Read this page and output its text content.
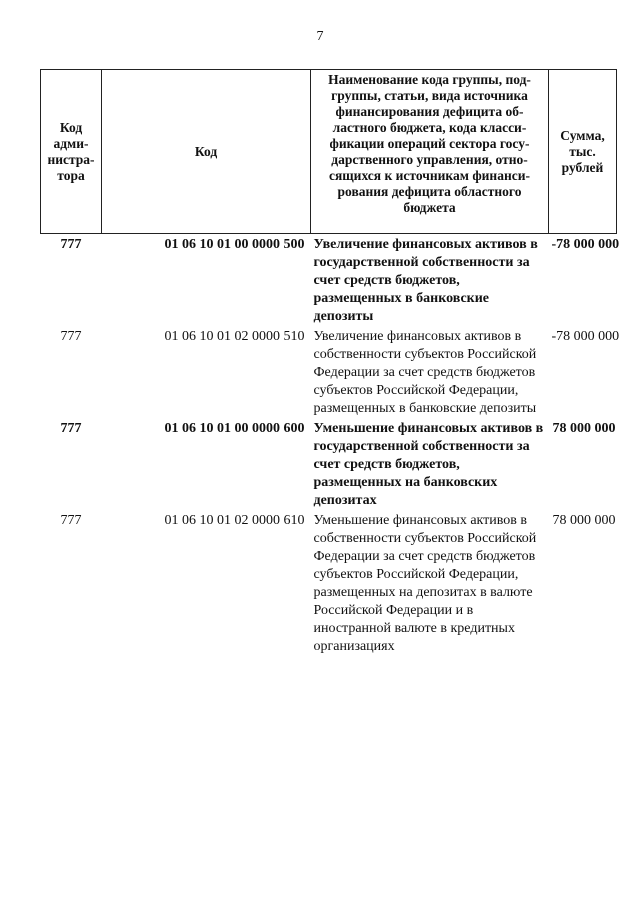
7
Код адми-нистра-тора	Код	Наименование кода группы, под-группы, статьи, вида источника финансирования дефицита об-ластного бюджета, кода класси-фикации операций сектора госу-дарственного управления, отно-сящихся к источникам финанси-рования дефицита областного бюджета	Сумма, тыс. рублей
777	01 06 10 01 00 0000 500	Увеличение финансовых активов в государственной собственности за счет средств бюджетов, размещенных в банковские депозиты	-78 000 000
777	01 06 10 01 02 0000 510	Увеличение финансовых активов в собственности субъектов Российской Федерации за счет средств бюджетов субъектов Российской Федерации, размещенных в банковские депозиты	-78 000 000
777	01 06 10 01 00 0000 600	Уменьшение финансовых активов в государственной собственности за счет средств бюджетов, размещенных на банковских депозитах	78 000 000
777	01 06 10 01 02 0000 610	Уменьшение финансовых активов в собственности субъектов Российской Федерации за счет средств бюджетов субъектов Российской Федерации, размещенных на депозитах в валюте Российской Федерации и в иностранной валюте в кредитных организациях	78 000 000
